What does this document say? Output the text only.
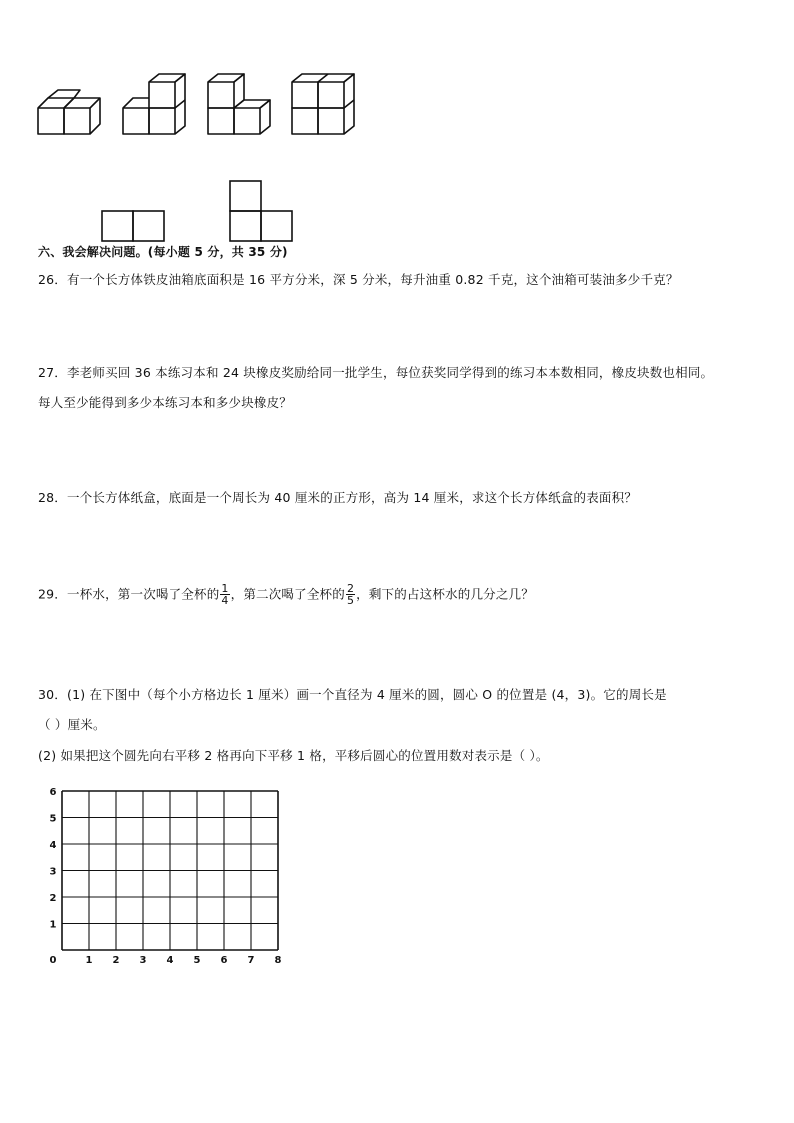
六、我会解决问题。(每小题 5 分，共 35 分)
26．有一个长方体铁皮油箱底面积是 16 平方分米，深 5 分米，每升油重 0.82 千克，这个油箱可装油多少千克？
27．李老师买回 36 本练习本和 24 块橡皮奖励给同一批学生，每位获奖同学得到的练习本本数相同，橡皮块数也相同。
每人至少能得到多少本练习本和多少块橡皮？
28．一个长方体纸盒，底面是一个周长为 40 厘米的正方形，高为 14 厘米，求这个长方体纸盒的表面积？
29．一杯水，第一次喝了全杯的 $\frac{1}{4}$ ，第二次喝了全杯的 $\frac{2}{5}$ ，剩下的占这杯水的几分之几？
30．(1) 在下图中（每个小方格边长 1 厘米）画一个直径为 4 厘米的圆，圆心 O 的位置是 (4，3)。它的周长是
（ ）厘米。
(2) 如果把这个圆先向右平移 2 格再向下平移 1 格，平移后圆心的位置用数对表示是（ ）。
0	1 2 3 4 5 6 7 8
1
2
3
4
5
6
